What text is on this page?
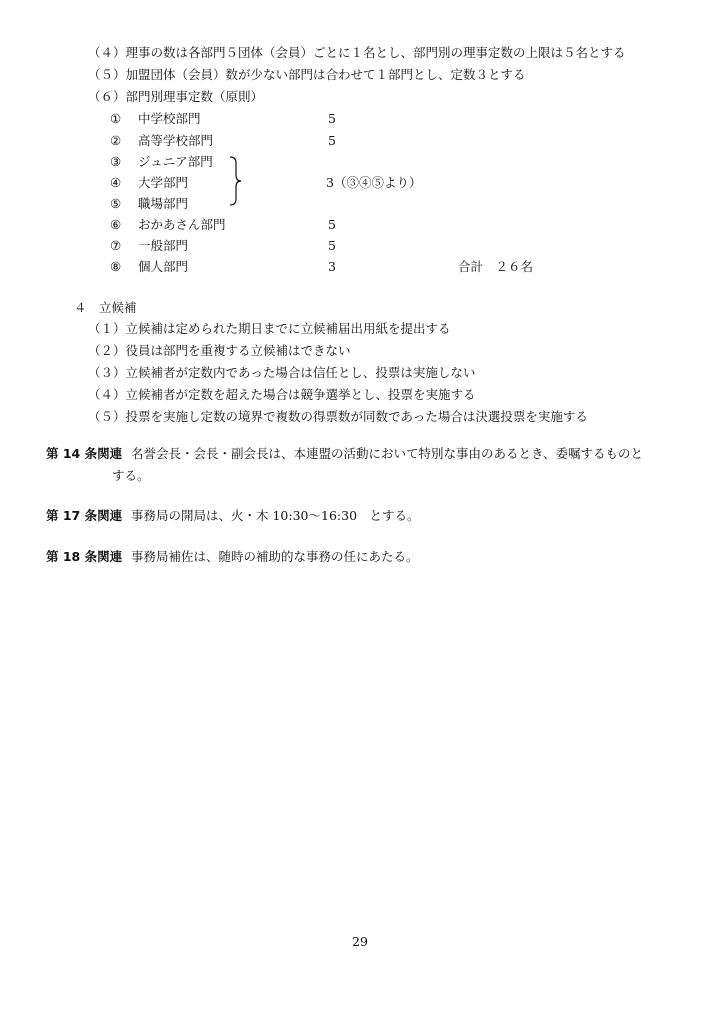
（４）理事の数は各部門５団体（会員）ごとに１名とし、部門別の理事定数の上限は５名とする
（５）加盟団体（会員）数が少ない部門は合わせて１部門とし、定数３とする
（６）部門別理事定数（原則）
① 中学校部門	5
② 高等学校部門	5
③ ジュニア部門
④ 大学部門	3（③④⑤より）
⑤ 職場部門
⑥ おかあさん部門	5
⑦ 一般部門	5
⑧ 個人部門	3	合計　２６名
４　立候補
（１）立候補は定められた期日までに立候補届出用紙を提出する
（２）役員は部門を重複する立候補はできない
（３）立候補者が定数内であった場合は信任とし、投票は実施しない
（４）立候補者が定数を超えた場合は競争選挙とし、投票を実施する
（５）投票を実施し定数の境界で複数の得票数が同数であった場合は決選投票を実施する
第 14 条関連 名誉会長・会長・副会長は、本連盟の活動において特別な事由のあるとき、委嘱するものと
する。
第 17 条関連 事務局の開局は、火・木 10:30〜16:30　とする。
第 18 条関連 事務局補佐は、随時の補助的な事務の任にあたる。
29
